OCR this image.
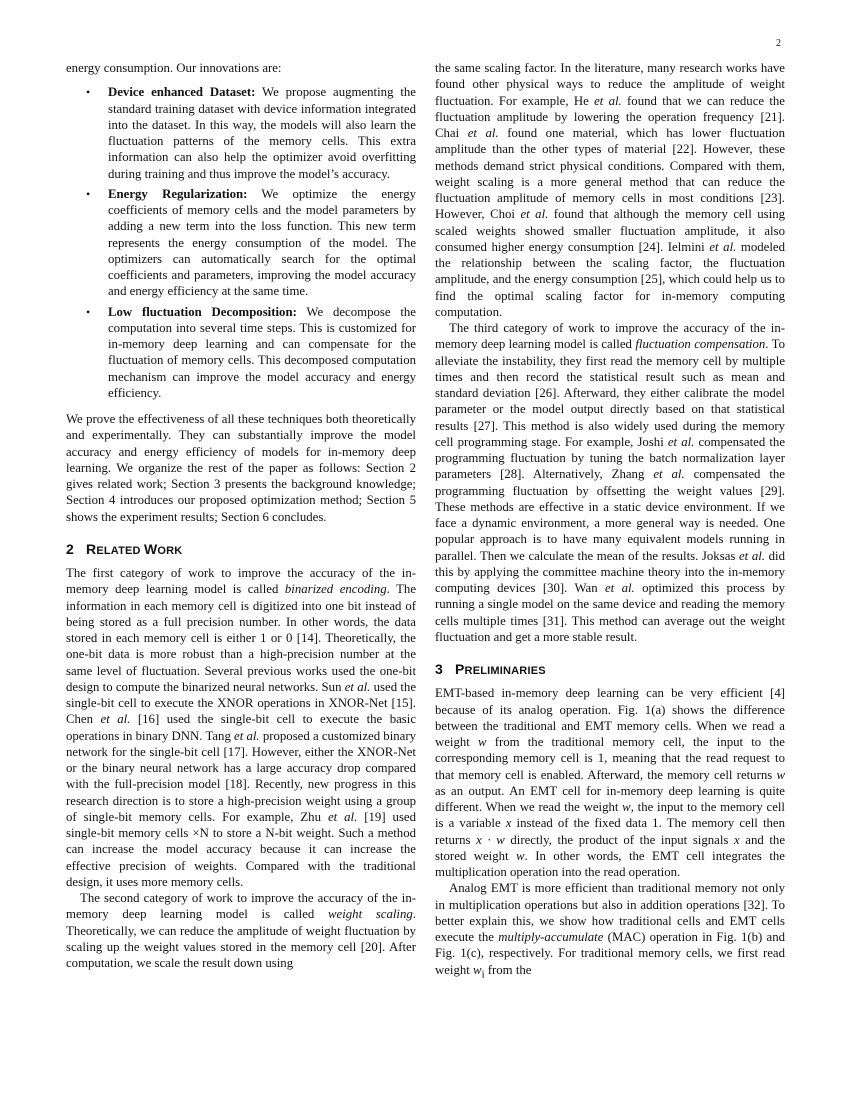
2

energy consumption. Our innovations are:

• Device enhanced Dataset: We propose augmenting the standard training dataset with device information integrated into the dataset. In this way, the models will also learn the fluctuation patterns of the memory cells. This extra information can also help the optimizer avoid overfitting during training and thus improve the model’s accuracy.
• Energy Regularization: We optimize the energy coefficients of memory cells and the model parameters by adding a new term into the loss function. This new term represents the energy consumption of the model. The optimizers can automatically search for the optimal coefficients and parameters, improving the model accuracy and energy efficiency at the same time.
• Low fluctuation Decomposition: We decompose the computation into several time steps. This is customized for in-memory deep learning and can compensate for the fluctuation of memory cells. This decomposed computation mechanism can improve the model accuracy and energy efficiency.

We prove the effectiveness of all these techniques both theoretically and experimentally. They can substantially improve the model accuracy and energy efficiency of models for in-memory deep learning. We organize the rest of the paper as follows: Section 2 gives related work; Section 3 presents the background knowledge; Section 4 introduces our proposed optimization method; Section 5 shows the experiment results; Section 6 concludes.

2 RELATED WORK

The first category of work to improve the accuracy of the in-memory deep learning model is called binarized encoding. The information in each memory cell is digitized into one bit instead of being stored as a full precision number. In other words, the data stored in each memory cell is either 1 or 0 [14]. Theoretically, the one-bit data is more robust than a high-precision number at the same level of fluctuation. Several previous works used the one-bit design to compute the binarized neural networks. Sun et al. used the single-bit cell to execute the XNOR operations in XNOR-Net [15]. Chen et al. [16] used the single-bit cell to execute the basic operations in binary DNN. Tang et al. proposed a customized binary network for the single-bit cell [17]. However, either the XNOR-Net or the binary neural network has a large accuracy drop compared with the full-precision model [18]. Recently, new progress in this research direction is to store a high-precision weight using a group of single-bit memory cells. For example, Zhu et al. [19] used single-bit memory cells ×N to store a N-bit weight. Such a method can increase the model accuracy because it can increase the effective precision of weights. Compared with the traditional design, it uses more memory cells.

The second category of work to improve the accuracy of the in-memory deep learning model is called weight scaling. Theoretically, we can reduce the amplitude of weight fluctuation by scaling up the weight values stored in the memory cell [20]. After computation, we scale the result down using

the same scaling factor. In the literature, many research works have found other physical ways to reduce the amplitude of weight fluctuation. For example, He et al. found that we can reduce the fluctuation amplitude by lowering the operation frequency [21]. Chai et al. found one material, which has lower fluctuation amplitude than the other types of material [22]. However, these methods demand strict physical conditions. Compared with them, weight scaling is a more general method that can reduce the fluctuation amplitude of memory cells in most conditions [23]. However, Choi et al. found that although the memory cell using scaled weights showed smaller fluctuation amplitude, it also consumed higher energy consumption [24]. Ielmini et al. modeled the relationship between the scaling factor, the fluctuation amplitude, and the energy consumption [25], which could help us to find the optimal scaling factor for in-memory computing computation.

The third category of work to improve the accuracy of the in-memory deep learning model is called fluctuation compensation. To alleviate the instability, they first read the memory cell by multiple times and then record the statistical result such as mean and standard deviation [26]. Afterward, they either calibrate the model parameter or the model output directly based on that statistical results [27]. This method is also widely used during the memory cell programming stage. For example, Joshi et al. compensated the programming fluctuation by tuning the batch normalization layer parameters [28]. Alternatively, Zhang et al. compensated the programming fluctuation by offsetting the weight values [29]. These methods are effective in a static device environment. If we face a dynamic environment, a more general way is needed. One popular approach is to have many equivalent models running in parallel. Then we calculate the mean of the results. Joksas et al. did this by applying the committee machine theory into the in-memory computing devices [30]. Wan et al. optimized this process by running a single model on the same device and reading the memory cells multiple times [31]. This method can average out the weight fluctuation and get a more stable result.

3 PRELIMINARIES

EMT-based in-memory deep learning can be very efficient [4] because of its analog operation. Fig. 1(a) shows the difference between the traditional and EMT memory cells. When we read a weight w from the traditional memory cell, the input to the corresponding memory cell is 1, meaning that the read request to that memory cell is enabled. Afterward, the memory cell returns w as an output. An EMT cell for in-memory deep learning is quite different. When we read the weight w, the input to the memory cell is a variable x instead of the fixed data 1. The memory cell then returns x · w directly, the product of the input signals x and the stored weight w. In other words, the EMT cell integrates the multiplication operation into the read operation.

Analog EMT is more efficient than traditional memory not only in multiplication operations but also in addition operations [32]. To better explain this, we show how traditional cells and EMT cells execute the multiply-accumulate (MAC) operation in Fig. 1(b) and Fig. 1(c), respectively. For traditional memory cells, we first read weight $w_i$ from the
